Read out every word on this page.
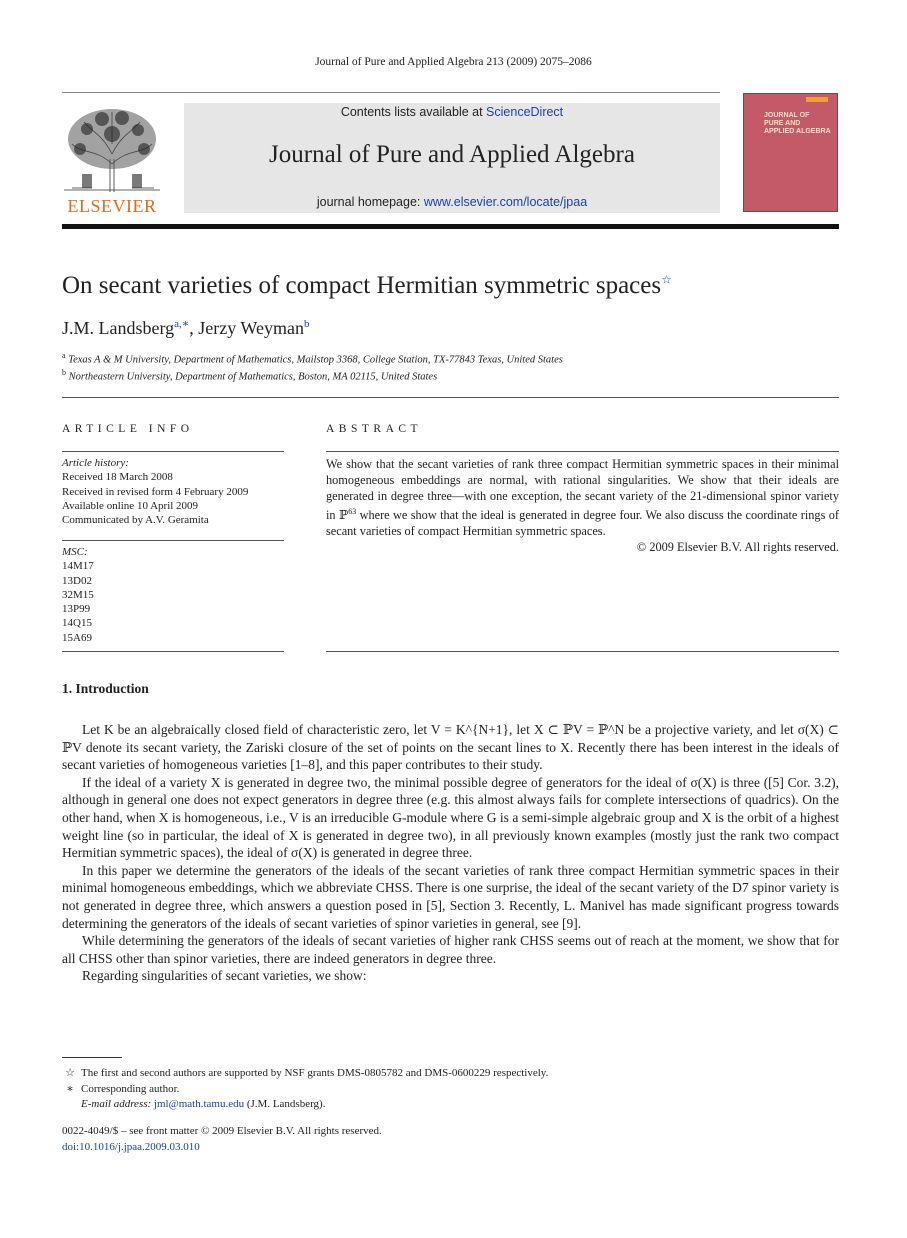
Journal of Pure and Applied Algebra 213 (2009) 2075–2086
ELSEVIER
Contents lists available at ScienceDirect
Journal of Pure and Applied Algebra
journal homepage: www.elsevier.com/locate/jpaa
JOURNAL OF
PURE AND
APPLIED ALGEBRA
On secant varieties of compact Hermitian symmetric spaces☆
J.M. Landsberg$^{a,∗}$, Jerzy Weyman$^b$
$^a$ Texas A & M University, Department of Mathematics, Mailstop 3368, College Station, TX-77843 Texas, United States
$^b$ Northeastern University, Department of Mathematics, Boston, MA 02115, United States
ARTICLE INFO
Article history:
Received 18 March 2008
Received in revised form 4 February 2009
Available online 10 April 2009
Communicated by A.V. Geramita
MSC:
14M17
13D02
32M15
13P99
14Q15
15A69
ABSTRACT
We show that the secant varieties of rank three compact Hermitian symmetric spaces in their minimal homogeneous embeddings are normal, with rational singularities. We show that their ideals are generated in degree three—with one exception, the secant variety of the 21-dimensional spinor variety in ℙ$^{63}$ where we show that the ideal is generated in degree four. We also discuss the coordinate rings of secant varieties of compact Hermitian symmetric spaces.
© 2009 Elsevier B.V. All rights reserved.
1. Introduction

Let K be an algebraically closed field of characteristic zero, let V = K^{N+1}, let X ⊂ ℙV = ℙ^N be a projective variety, and let σ(X) ⊂ ℙV denote its secant variety, the Zariski closure of the set of points on the secant lines to X. Recently there has been interest in the ideals of secant varieties of homogeneous varieties [1–8], and this paper contributes to their study.

If the ideal of a variety X is generated in degree two, the minimal possible degree of generators for the ideal of σ(X) is three ([5] Cor. 3.2), although in general one does not expect generators in degree three (e.g. this almost always fails for complete intersections of quadrics). On the other hand, when X is homogeneous, i.e., V is an irreducible G-module where G is a semi-simple algebraic group and X is the orbit of a highest weight line (so in particular, the ideal of X is generated in degree two), in all previously known examples (mostly just the rank two compact Hermitian symmetric spaces), the ideal of σ(X) is generated in degree three.

In this paper we determine the generators of the ideals of the secant varieties of rank three compact Hermitian symmetric spaces in their minimal homogeneous embeddings, which we abbreviate CHSS. There is one surprise, the ideal of the secant variety of the D7 spinor variety is not generated in degree three, which answers a question posed in [5], Section 3. Recently, L. Manivel has made significant progress towards determining the generators of the ideals of secant varieties of spinor varieties in general, see [9].

While determining the generators of the ideals of secant varieties of higher rank CHSS seems out of reach at the moment, we show that for all CHSS other than spinor varieties, there are indeed generators in degree three.

Regarding singularities of secant varieties, we show:

☆ The first and second authors are supported by NSF grants DMS-0805782 and DMS-0600229 respectively.
∗ Corresponding author.
E-mail address: jml@math.tamu.edu (J.M. Landsberg).
0022-4049/$ – see front matter © 2009 Elsevier B.V. All rights reserved.
doi:10.1016/j.jpaa.2009.03.010
